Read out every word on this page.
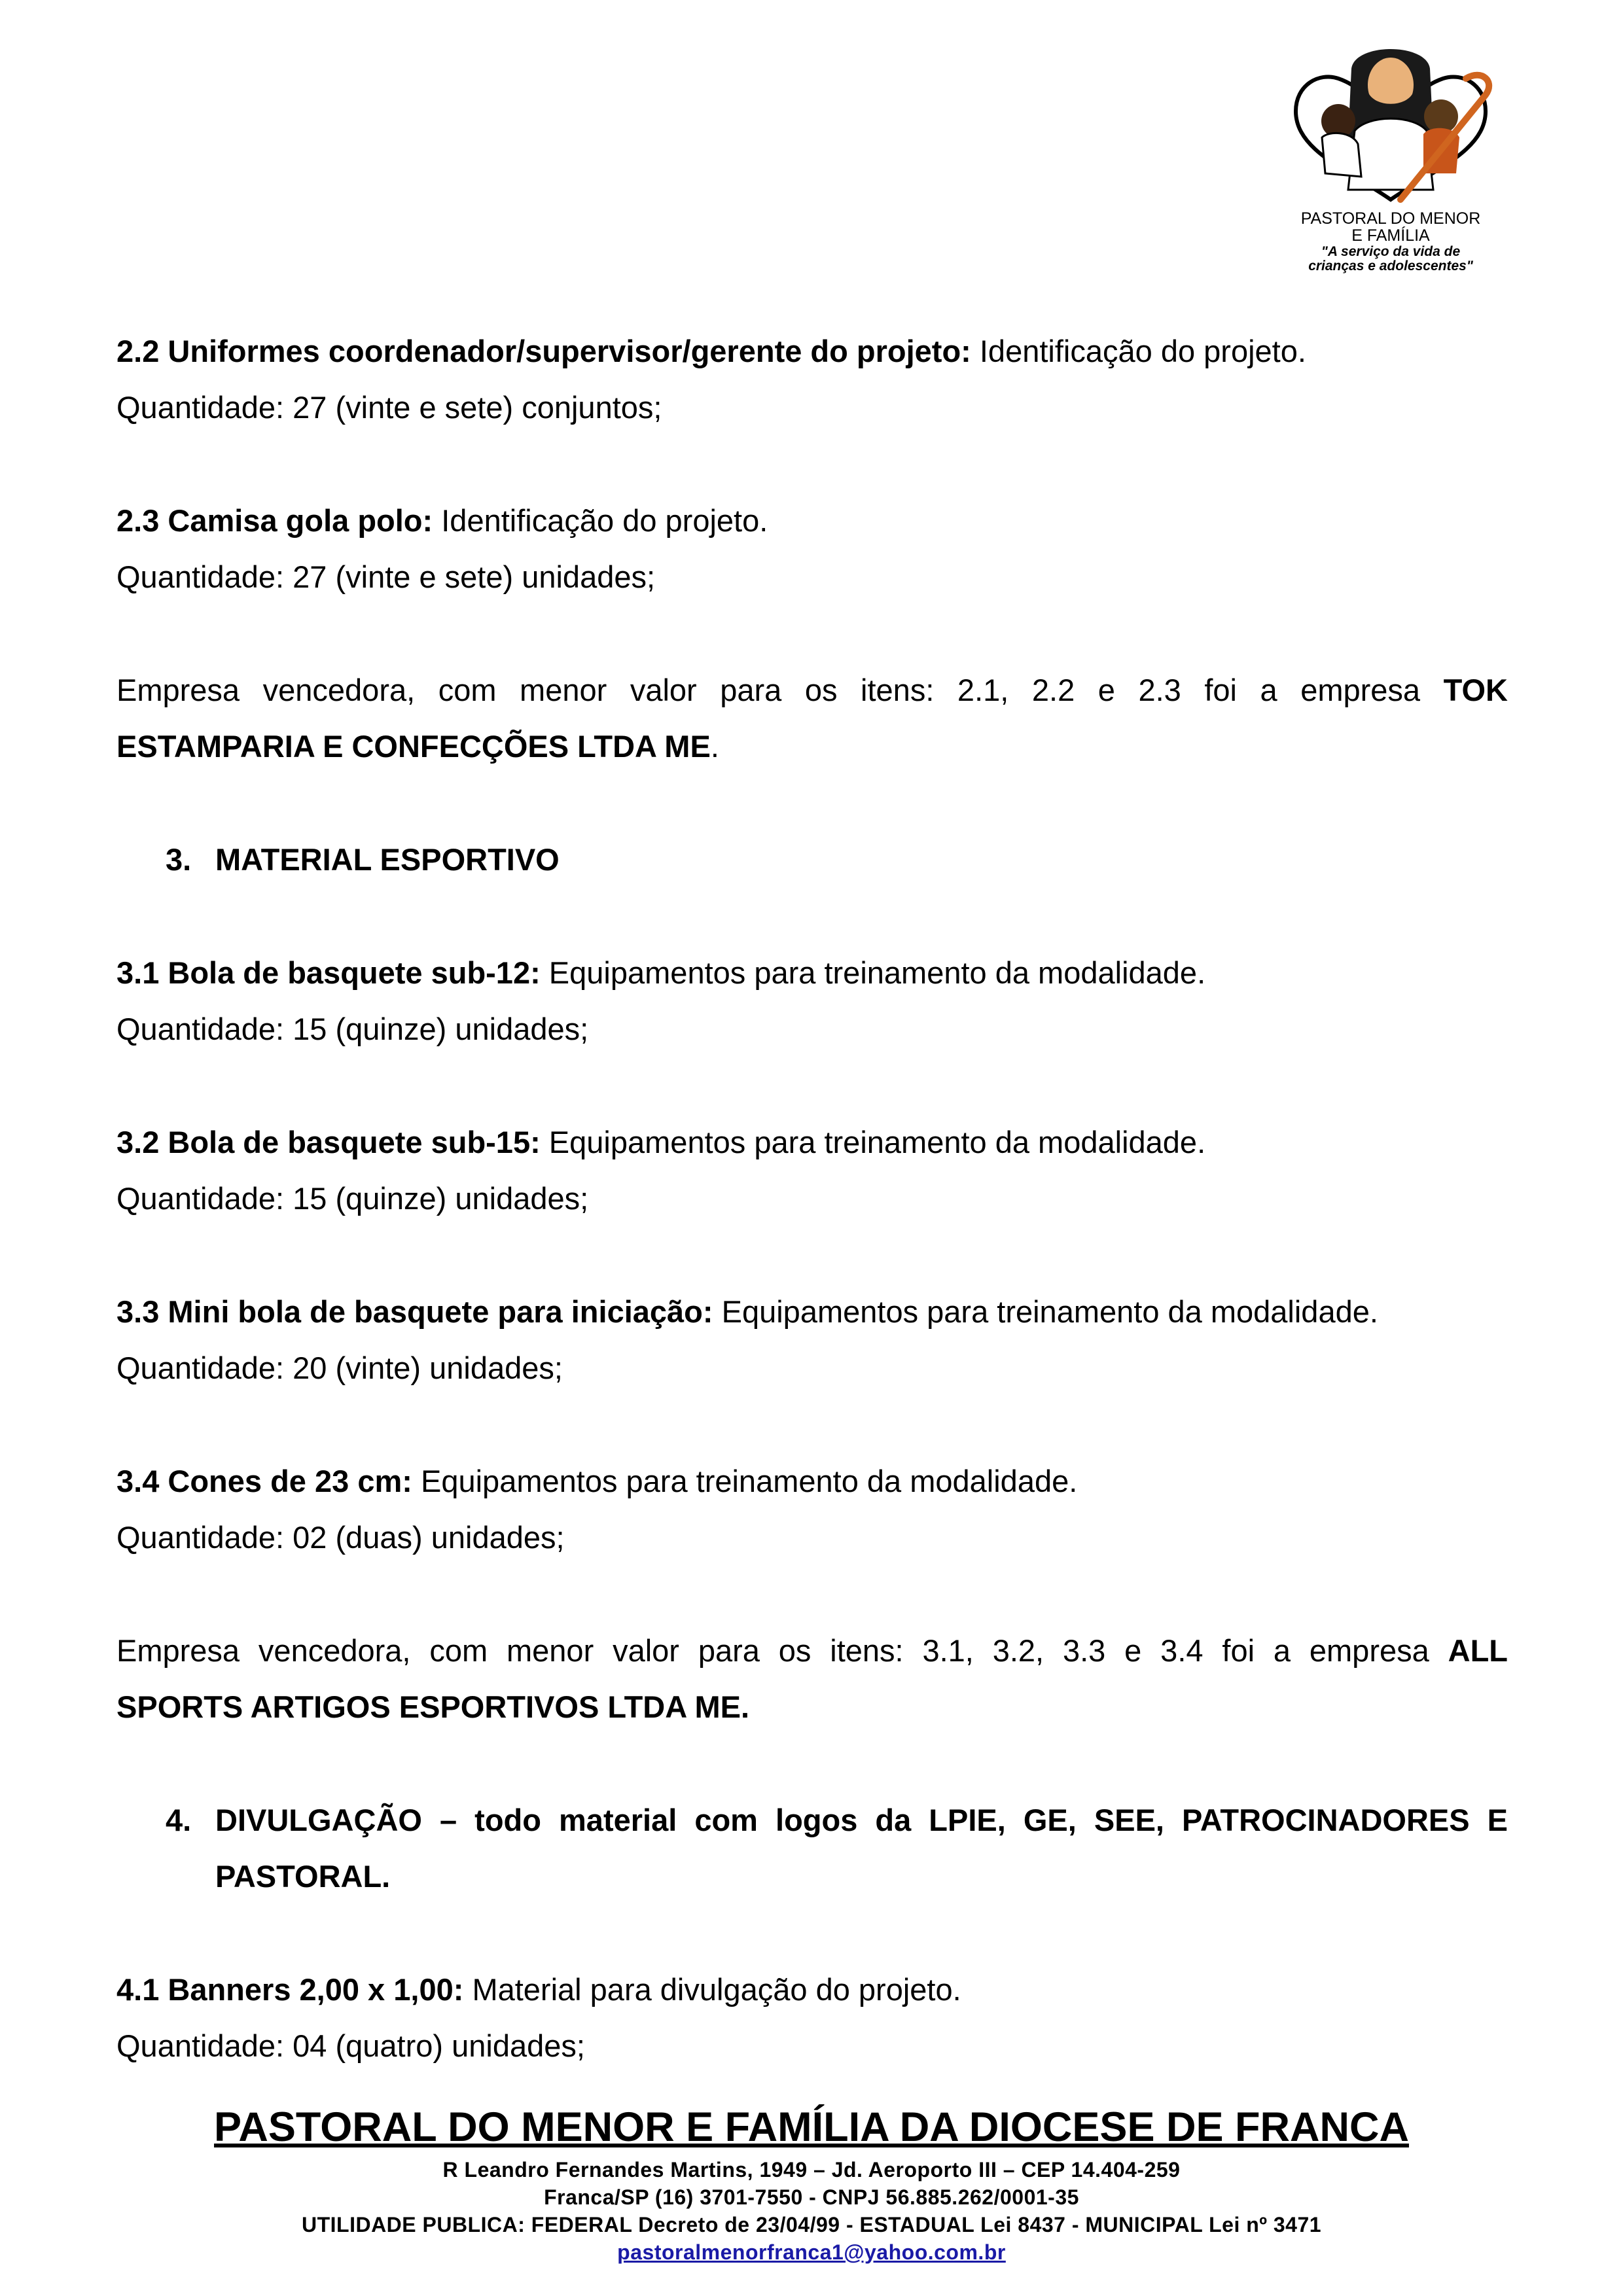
PASTORAL DO MENOR
E FAMÍLIA
"A serviço da vida de
crianças e adolescentes"
2.2 Uniformes coordenador/supervisor/gerente do projeto: Identificação do projeto.
Quantidade: 27 (vinte e sete) conjuntos;
2.3 Camisa gola polo: Identificação do projeto.
Quantidade: 27 (vinte e sete) unidades;
Empresa vencedora, com menor valor para os itens: 2.1, 2.2 e 2.3 foi a empresa TOK
ESTAMPARIA E CONFECÇÕES LTDA ME.
3. MATERIAL ESPORTIVO
3.1 Bola de basquete sub-12: Equipamentos para treinamento da modalidade.
Quantidade: 15 (quinze) unidades;
3.2 Bola de basquete sub-15: Equipamentos para treinamento da modalidade.
Quantidade: 15 (quinze) unidades;
3.3 Mini bola de basquete para iniciação: Equipamentos para treinamento da modalidade.
Quantidade: 20 (vinte) unidades;
3.4 Cones de 23 cm: Equipamentos para treinamento da modalidade.
Quantidade: 02 (duas) unidades;
Empresa vencedora, com menor valor para os itens: 3.1, 3.2, 3.3 e 3.4 foi a empresa ALL
SPORTS ARTIGOS ESPORTIVOS LTDA ME.
4. DIVULGAÇÃO – todo material com logos da LPIE, GE, SEE, PATROCINADORES E
PASTORAL.
4.1 Banners 2,00 x 1,00: Material para divulgação do projeto.
Quantidade: 04 (quatro) unidades;
PASTORAL DO MENOR E FAMÍLIA DA DIOCESE DE FRANCA
R Leandro Fernandes Martins, 1949 – Jd. Aeroporto III – CEP 14.404-259
Franca/SP (16) 3701-7550 - CNPJ 56.885.262/0001-35
UTILIDADE PUBLICA: FEDERAL Decreto de 23/04/99 - ESTADUAL Lei 8437 - MUNICIPAL Lei nº 3471
pastoralmenorfranca1@yahoo.com.br
